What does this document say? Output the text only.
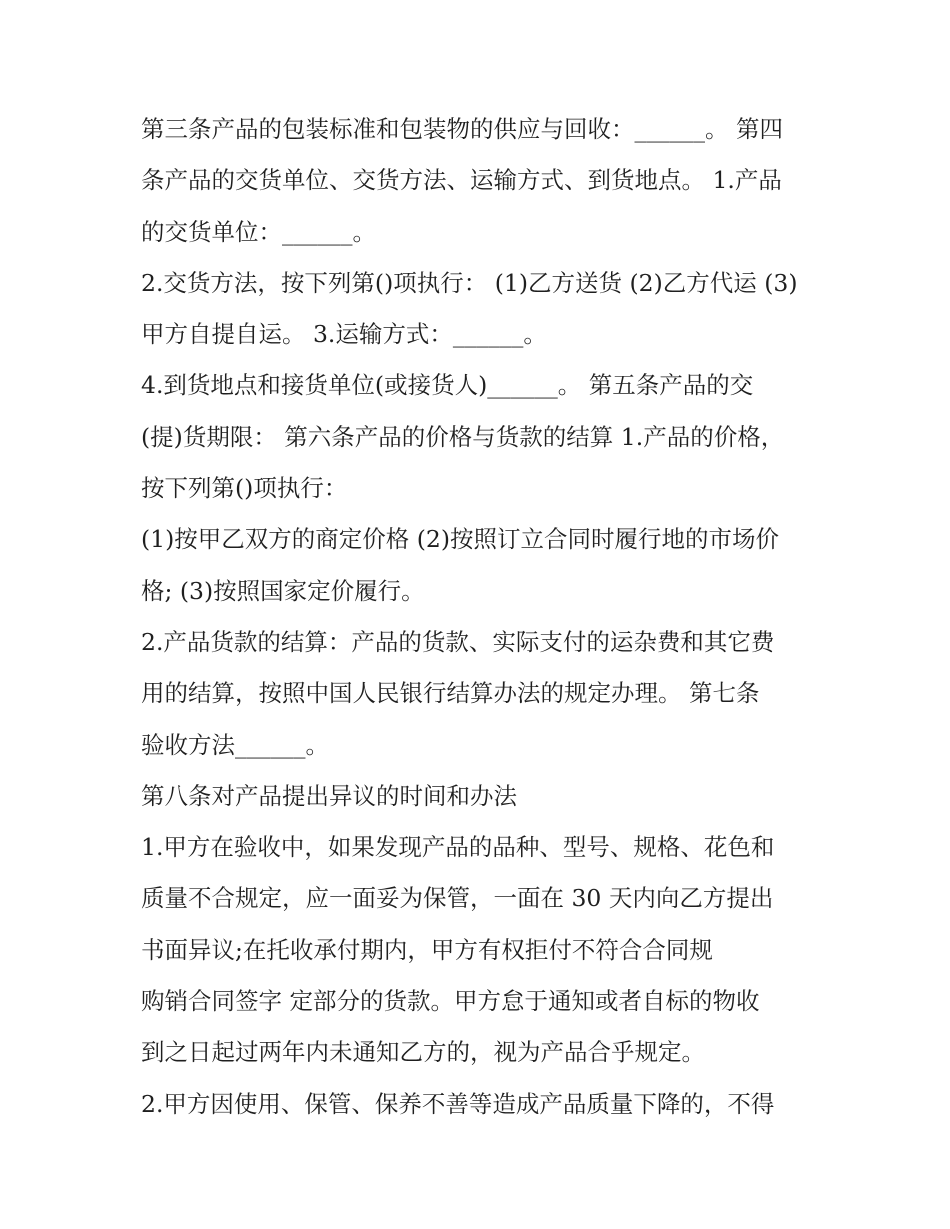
第三条产品的包装标准和包装物的供应与回收：______。 第四
条产品的交货单位、交货方法、运输方式、到货地点。 1.产品
的交货单位：______。
2.交货方法，按下列第()项执行： (1)乙方送货 (2)乙方代运 (3)
甲方自提自运。 3.运输方式：______。
4.到货地点和接货单位(或接货人)______。 第五条产品的交
(提)货期限： 第六条产品的价格与货款的结算 1.产品的价格，
按下列第()项执行：
(1)按甲乙双方的商定价格 (2)按照订立合同时履行地的市场价
格; (3)按照国家定价履行。
2.产品货款的结算：产品的货款、实际支付的运杂费和其它费
用的结算，按照中国人民银行结算办法的规定办理。 第七条
验收方法______。
第八条对产品提出异议的时间和办法
1.甲方在验收中，如果发现产品的品种、型号、规格、花色和
质量不合规定，应一面妥为保管，一面在 30 天内向乙方提出
书面异议;在托收承付期内，甲方有权拒付不符合合同规
购销合同签字 定部分的货款。甲方怠于通知或者自标的物收
到之日起过两年内未通知乙方的，视为产品合乎规定。
2.甲方因使用、保管、保养不善等造成产品质量下降的，不得
